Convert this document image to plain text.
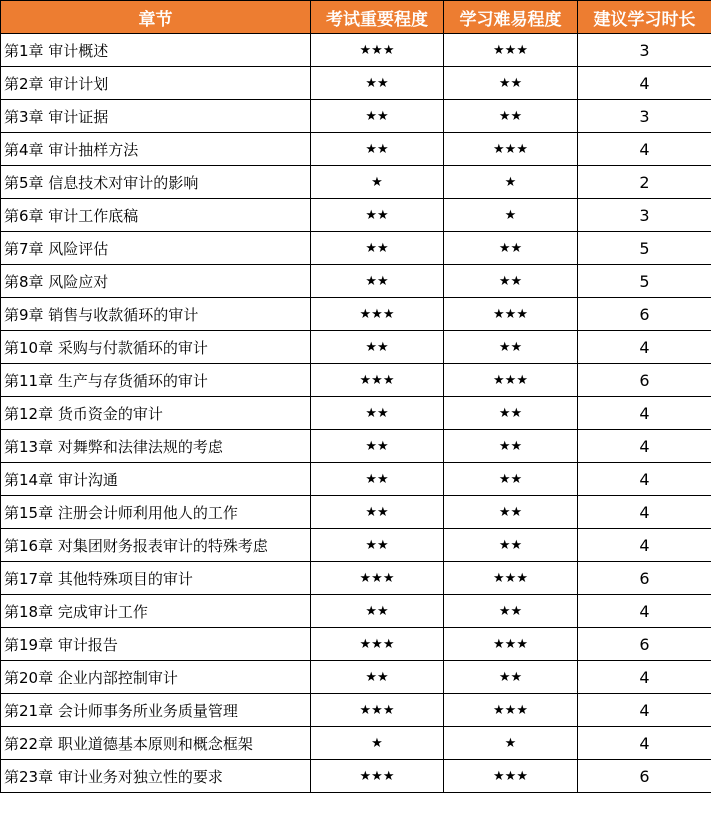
章节	考试重要程度	学习难易程度	建议学习时长
第1章 审计概述	★★★	★★★	3
第2章 审计计划	★★	★★	4
第3章 审计证据	★★	★★	3
第4章 审计抽样方法	★★	★★★	4
第5章 信息技术对审计的影响	★	★	2
第6章 审计工作底稿	★★	★	3
第7章 风险评估	★★	★★	5
第8章 风险应对	★★	★★	5
第9章 销售与收款循环的审计	★★★	★★★	6
第10章 采购与付款循环的审计	★★	★★	4
第11章 生产与存货循环的审计	★★★	★★★	6
第12章 货币资金的审计	★★	★★	4
第13章 对舞弊和法律法规的考虑	★★	★★	4
第14章 审计沟通	★★	★★	4
第15章 注册会计师利用他人的工作	★★	★★	4
第16章 对集团财务报表审计的特殊考虑	★★	★★	4
第17章 其他特殊项目的审计	★★★	★★★	6
第18章 完成审计工作	★★	★★	4
第19章 审计报告	★★★	★★★	6
第20章 企业内部控制审计	★★	★★	4
第21章 会计师事务所业务质量管理	★★★	★★★	4
第22章 职业道德基本原则和概念框架	★	★	4
第23章 审计业务对独立性的要求	★★★	★★★	6
